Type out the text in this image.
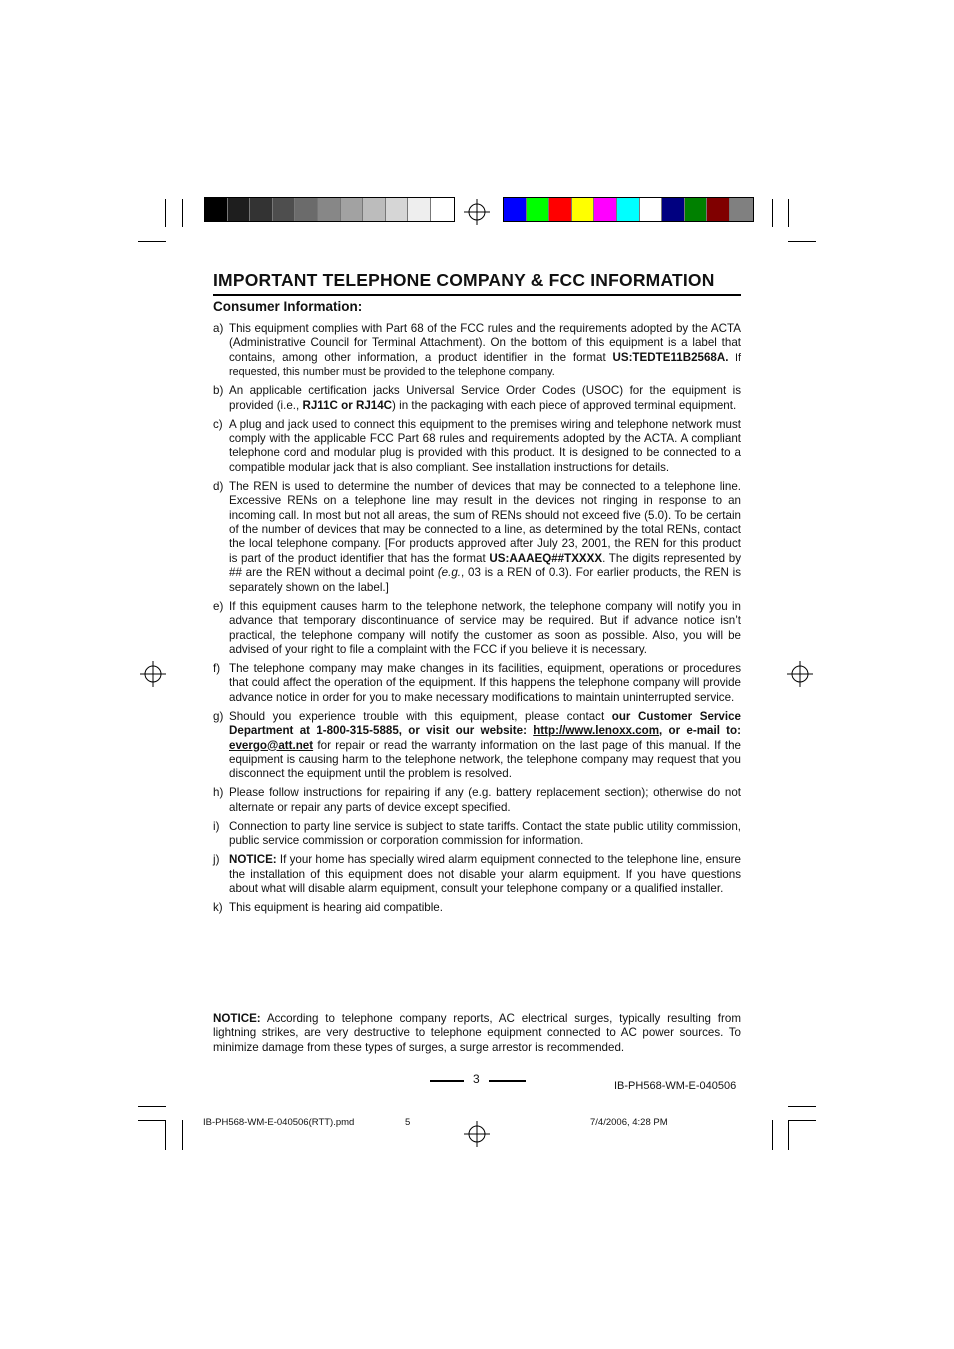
IMPORTANT TELEPHONE COMPANY & FCC INFORMATION
Consumer Information:
a) This equipment complies with Part 68 of the FCC rules and the requirements adopted by the ACTA (Administrative Council for Terminal Attachment). On the bottom of this equipment is a label that contains, among other information, a product identifier in the format US:TEDTE11B2568A. If requested, this number must be provided to the telephone company.
b) An applicable certification jacks Universal Service Order Codes (USOC) for the equipment is provided (i.e., RJ11C or RJ14C) in the packaging with each piece of approved terminal equipment.
c) A plug and jack used to connect this equipment to the premises wiring and telephone network must comply with the applicable FCC Part 68 rules and requirements adopted by the ACTA. A compliant telephone cord and modular plug is provided with this product. It is designed to be connected to a compatible modular jack that is also compliant. See installation instructions for details.
d) The REN is used to determine the number of devices that may be connected to a telephone line. Excessive RENs on a telephone line may result in the devices not ringing in response to an incoming call. In most but not all areas, the sum of RENs should not exceed five (5.0). To be certain of the number of devices that may be connected to a line, as determined by the total RENs, contact the local telephone company. [For products approved after July 23, 2001, the REN for this product is part of the product identifier that has the format US:AAAEQ##TXXXX. The digits represented by ## are the REN without a decimal point (e.g., 03 is a REN of 0.3). For earlier products, the REN is separately shown on the label.]
e) If this equipment causes harm to the telephone network, the telephone company will notify you in advance that temporary discontinuance of service may be required. But if advance notice isn’t practical, the telephone company will notify the customer as soon as possible. Also, you will be advised of your right to file a complaint with the FCC if you believe it is necessary.
f) The telephone company may make changes in its facilities, equipment, operations or procedures that could affect the operation of the equipment. If this happens the telephone company will provide advance notice in order for you to make necessary modifications to maintain uninterrupted service.
g) Should you experience trouble with this equipment, please contact our Customer Service Department at 1-800-315-5885, or visit our website: http://www.lenoxx.com, or e-mail to: evergo@att.net for repair or read the warranty information on the last page of this manual. If the equipment is causing harm to the telephone network, the telephone company may request that you disconnect the equipment until the problem is resolved.
h) Please follow instructions for repairing if any (e.g. battery replacement section); otherwise do not alternate or repair any parts of device except specified.
i) Connection to party line service is subject to state tariffs. Contact the state public utility commission, public service commission or corporation commission for information.
j) NOTICE: If your home has specially wired alarm equipment connected to the telephone line, ensure the installation of this equipment does not disable your alarm equipment. If you have questions about what will disable alarm equipment, consult your telephone company or a qualified installer.
k) This equipment is hearing aid compatible.
NOTICE: According to telephone company reports, AC electrical surges, typically resulting from lightning strikes, are very destructive to telephone equipment connected to AC power sources. To minimize damage from these types of surges, a surge arrestor is recommended.
3	IB-PH568-WM-E-040506
IB-PH568-WM-E-040506(RTT).pmd	5	7/4/2006, 4:28 PM
